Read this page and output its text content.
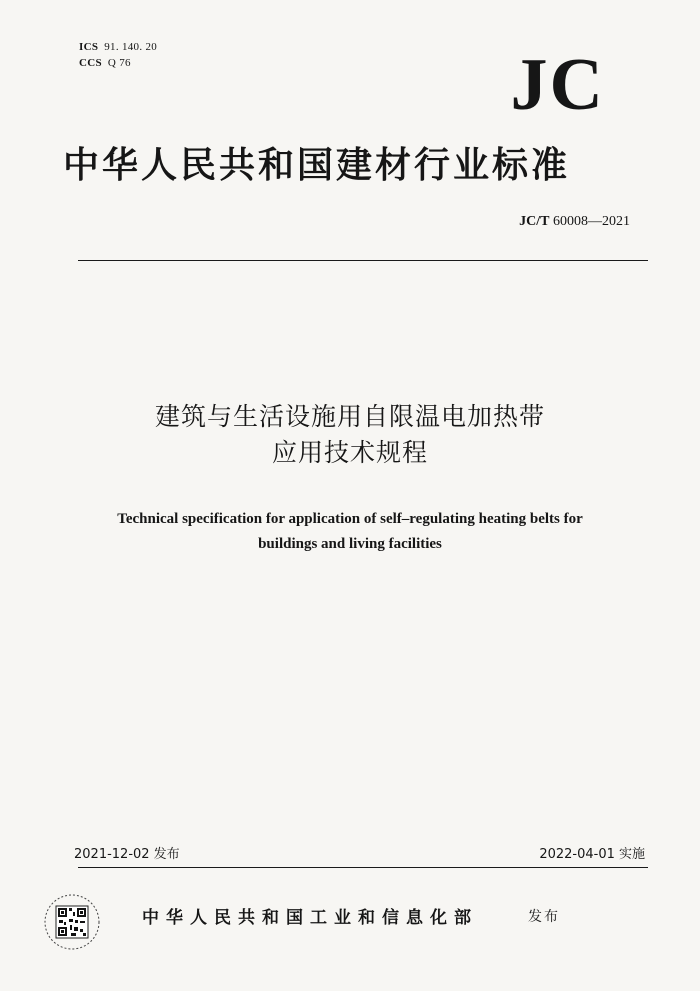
ICS 91. 140. 20
CCS Q 76	JC
中华人民共和国建材行业标准
JC/T 60008—2021
建筑与生活设施用自限温电加热带
应用技术规程
Technical specification for application of self–regulating heating belts for
buildings and living facilities
2021-12-02 发布	2022-04-01 实施
中华人民共和国工业和信息化部	发布
